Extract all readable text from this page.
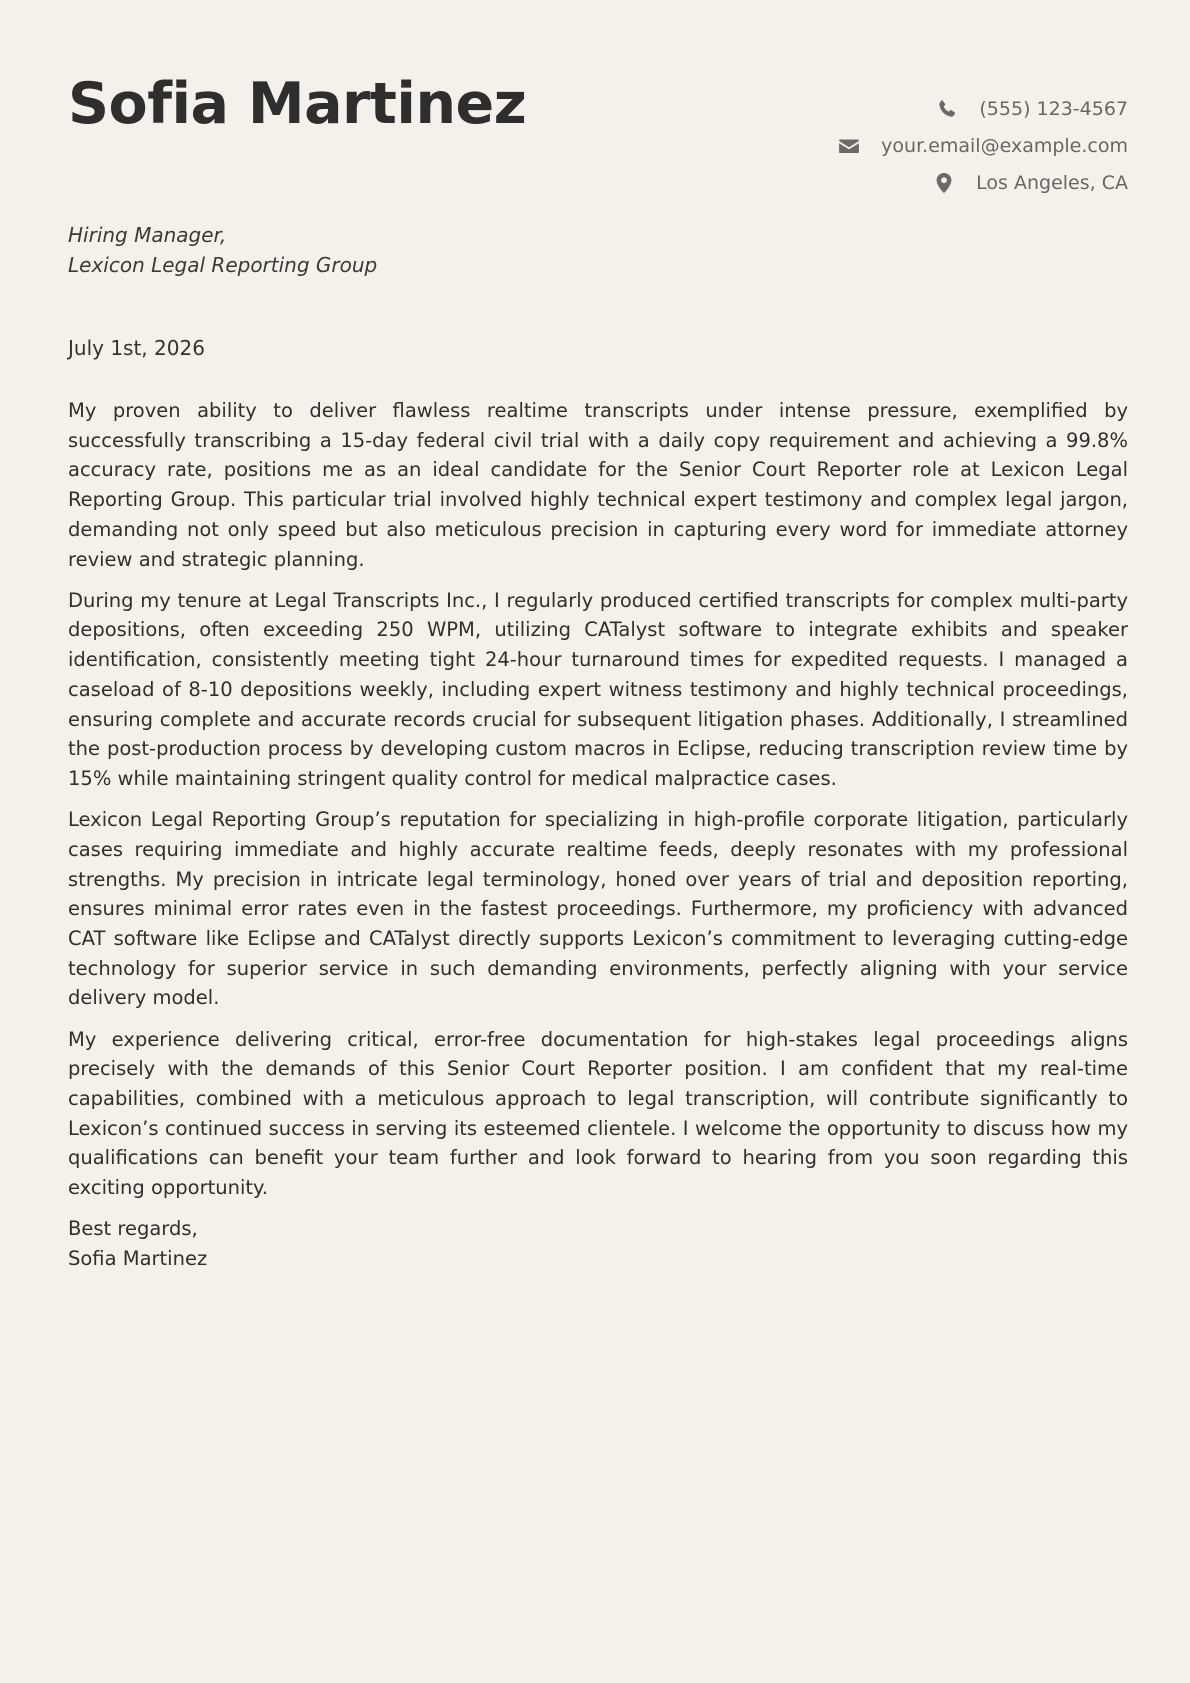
Sofia Martinez	(555) 123-4567
your.email@example.com
Los Angeles, CA
Hiring Manager,
Lexicon Legal Reporting Group
July 1st, 2026

My proven ability to deliver flawless realtime transcripts under intense pressure, exemplified by successfully transcribing a 15-day federal civil trial with a daily copy requirement and achieving a 99.8% accuracy rate, positions me as an ideal candidate for the Senior Court Reporter role at Lexicon Legal Reporting Group. This particular trial involved highly technical expert testimony and complex legal jargon, demanding not only speed but also meticulous precision in capturing every word for immediate attorney review and strategic planning.

During my tenure at Legal Transcripts Inc., I regularly produced certified transcripts for complex multi-party depositions, often exceeding 250 WPM, utilizing CATalyst software to integrate exhibits and speaker identification, consistently meeting tight 24-hour turnaround times for expedited requests. I managed a caseload of 8-10 depositions weekly, including expert witness testimony and highly technical proceedings, ensuring complete and accurate records crucial for subsequent litigation phases. Additionally, I streamlined the post-production process by developing custom macros in Eclipse, reducing transcription review time by 15% while maintaining stringent quality control for medical malpractice cases.

Lexicon Legal Reporting Group’s reputation for specializing in high-profile corporate litigation, particularly cases requiring immediate and highly accurate realtime feeds, deeply resonates with my professional strengths. My precision in intricate legal terminology, honed over years of trial and deposition reporting, ensures minimal error rates even in the fastest proceedings. Furthermore, my proficiency with advanced CAT software like Eclipse and CATalyst directly supports Lexicon’s commitment to leveraging cutting-edge technology for superior service in such demanding environments, perfectly aligning with your service delivery model.

My experience delivering critical, error-free documentation for high-stakes legal proceedings aligns precisely with the demands of this Senior Court Reporter position. I am confident that my real-time capabilities, combined with a meticulous approach to legal transcription, will contribute significantly to Lexicon’s continued success in serving its esteemed clientele. I welcome the opportunity to discuss how my qualifications can benefit your team further and look forward to hearing from you soon regarding this exciting opportunity.

Best regards,
Sofia Martinez
